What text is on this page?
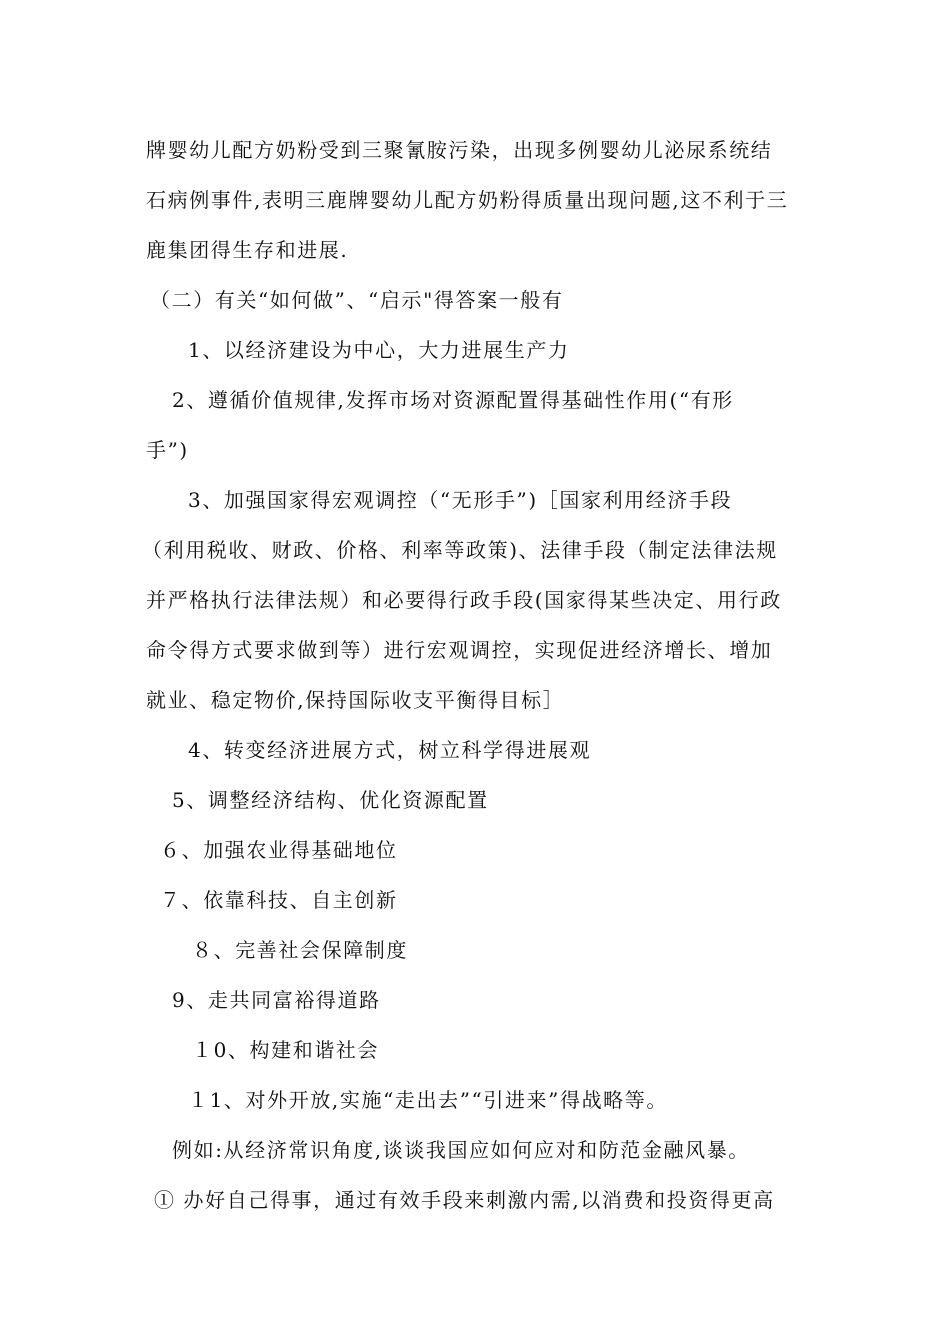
牌婴幼儿配方奶粉受到三聚氰胺污染，出现多例婴幼儿泌尿系统结
石病例事件,表明三鹿牌婴幼儿配方奶粉得质量出现问题,这不利于三
鹿集团得生存和进展.
（二）有关“如何做”、“启示"得答案一般有
1、以经济建设为中心，大力进展生产力
2、遵循价值规律,发挥市场对资源配置得基础性作用(“有形
手”)
3、加强国家得宏观调控（“无形手”)［国家利用经济手段
（利用税收、财政、价格、利率等政策)、法律手段（制定法律法规
并严格执行法律法规）和必要得行政手段(国家得某些决定、用行政
命令得方式要求做到等）进行宏观调控，实现促进经济增长、增加
就业、稳定物价,保持国际收支平衡得目标］
4、转变经济进展方式，树立科学得进展观
5、调整经济结构、优化资源配置
６、加强农业得基础地位
７、依靠科技、自主创新
８、完善社会保障制度
9、走共同富裕得道路
１0、构建和谐社会
１1、对外开放,实施“走出去”“引进来”得战略等。
例如:从经济常识角度,谈谈我国应如何应对和防范金融风暴。
① 办好自己得事，通过有效手段来刺激内需,以消费和投资得更高
